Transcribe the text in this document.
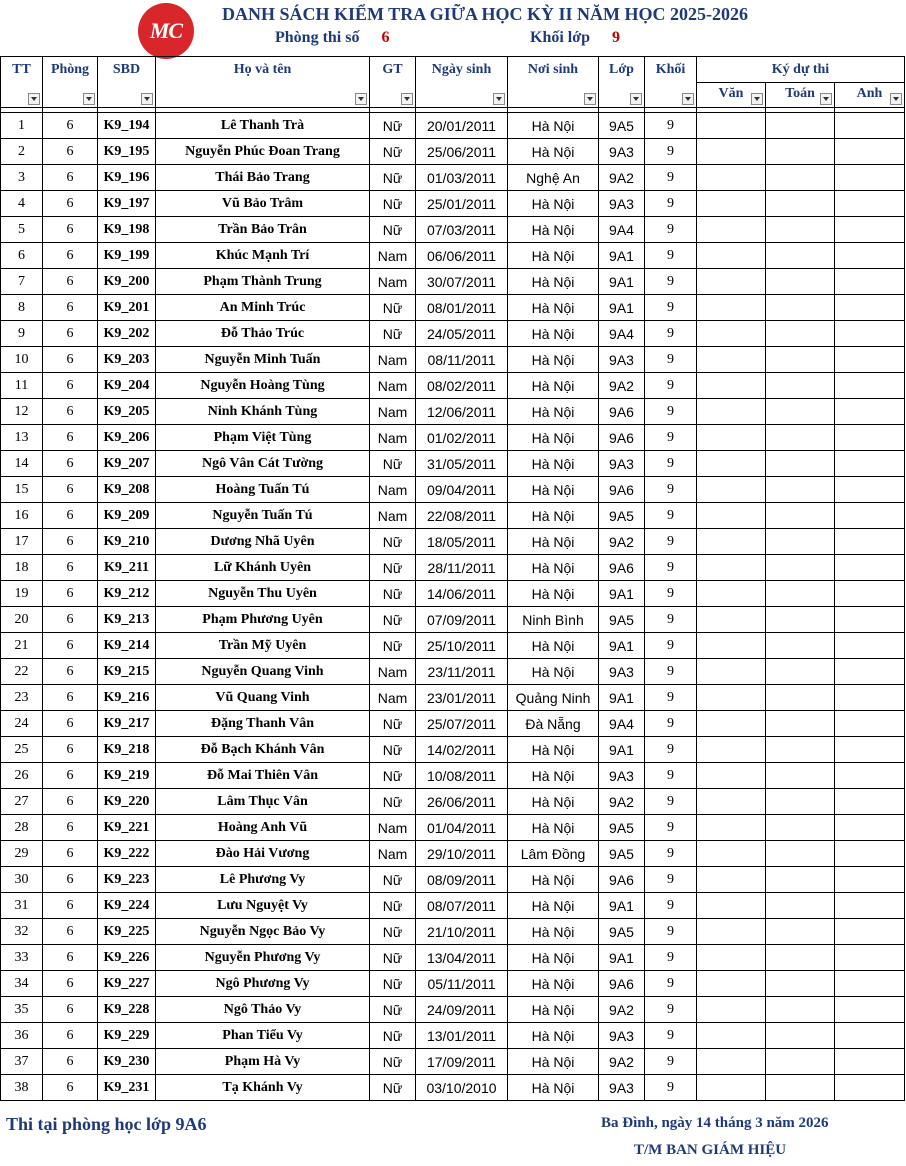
MC
DANH SÁCH KIỂM TRA GIỮA HỌC KỲ II NĂM HỌC 2025-2026
Phòng thi số 6	Khối lớp 9
TT	Phòng	SBD	Họ và tên	GT	Ngày sinh	Nơi sinh	Lớp	Khối	Ký dự thi		

									Văn	Toán	Anh

1	6	K9_194	Lê Thanh Trà	Nữ	20/01/2011	Hà Nội	9A5	9			
2	6	K9_195	Nguyễn Phúc Đoan Trang	Nữ	25/06/2011	Hà Nội	9A3	9			
3	6	K9_196	Thái Bảo Trang	Nữ	01/03/2011	Nghệ An	9A2	9			
4	6	K9_197	Vũ Bảo Trâm	Nữ	25/01/2011	Hà Nội	9A3	9			
5	6	K9_198	Trần Bảo Trân	Nữ	07/03/2011	Hà Nội	9A4	9			
6	6	K9_199	Khúc Mạnh Trí	Nam	06/06/2011	Hà Nội	9A1	9			
7	6	K9_200	Phạm Thành Trung	Nam	30/07/2011	Hà Nội	9A1	9			
8	6	K9_201	An Minh Trúc	Nữ	08/01/2011	Hà Nội	9A1	9			
9	6	K9_202	Đỗ Thảo Trúc	Nữ	24/05/2011	Hà Nội	9A4	9			
10	6	K9_203	Nguyễn Minh Tuấn	Nam	08/11/2011	Hà Nội	9A3	9			
11	6	K9_204	Nguyễn Hoàng Tùng	Nam	08/02/2011	Hà Nội	9A2	9			
12	6	K9_205	Ninh Khánh Tùng	Nam	12/06/2011	Hà Nội	9A6	9			
13	6	K9_206	Phạm Việt Tùng	Nam	01/02/2011	Hà Nội	9A6	9			
14	6	K9_207	Ngô Vân Cát Tường	Nữ	31/05/2011	Hà Nội	9A3	9			
15	6	K9_208	Hoàng Tuấn Tú	Nam	09/04/2011	Hà Nội	9A6	9			
16	6	K9_209	Nguyễn Tuấn Tú	Nam	22/08/2011	Hà Nội	9A5	9			
17	6	K9_210	Dương Nhã Uyên	Nữ	18/05/2011	Hà Nội	9A2	9			
18	6	K9_211	Lữ Khánh Uyên	Nữ	28/11/2011	Hà Nội	9A6	9			
19	6	K9_212	Nguyễn Thu Uyên	Nữ	14/06/2011	Hà Nội	9A1	9			
20	6	K9_213	Phạm Phương Uyên	Nữ	07/09/2011	Ninh Bình	9A5	9			
21	6	K9_214	Trần Mỹ Uyên	Nữ	25/10/2011	Hà Nội	9A1	9			
22	6	K9_215	Nguyễn Quang Vinh	Nam	23/11/2011	Hà Nội	9A3	9			
23	6	K9_216	Vũ Quang Vinh	Nam	23/01/2011	Quảng Ninh	9A1	9			
24	6	K9_217	Đặng Thanh Vân	Nữ	25/07/2011	Đà Nẵng	9A4	9			
25	6	K9_218	Đỗ Bạch Khánh Vân	Nữ	14/02/2011	Hà Nội	9A1	9			
26	6	K9_219	Đỗ Mai Thiên Vân	Nữ	10/08/2011	Hà Nội	9A3	9			
27	6	K9_220	Lâm Thục Vân	Nữ	26/06/2011	Hà Nội	9A2	9			
28	6	K9_221	Hoàng Anh Vũ	Nam	01/04/2011	Hà Nội	9A5	9			
29	6	K9_222	Đào Hải Vương	Nam	29/10/2011	Lâm Đồng	9A5	9			
30	6	K9_223	Lê Phương Vy	Nữ	08/09/2011	Hà Nội	9A6	9			
31	6	K9_224	Lưu Nguyệt Vy	Nữ	08/07/2011	Hà Nội	9A1	9			
32	6	K9_225	Nguyễn Ngọc Bảo Vy	Nữ	21/10/2011	Hà Nội	9A5	9			
33	6	K9_226	Nguyễn Phương Vy	Nữ	13/04/2011	Hà Nội	9A1	9			
34	6	K9_227	Ngô Phương Vy	Nữ	05/11/2011	Hà Nội	9A6	9			
35	6	K9_228	Ngô Thảo Vy	Nữ	24/09/2011	Hà Nội	9A2	9			
36	6	K9_229	Phan Tiểu Vy	Nữ	13/01/2011	Hà Nội	9A3	9			
37	6	K9_230	Phạm Hà Vy	Nữ	17/09/2011	Hà Nội	9A2	9			
38	6	K9_231	Tạ Khánh Vy	Nữ	03/10/2010	Hà Nội	9A3	9			
Thi tại phòng học lớp 9A6	Ba Đình, ngày 14 tháng 3 năm 2026
T/M BAN GIÁM HIỆU
